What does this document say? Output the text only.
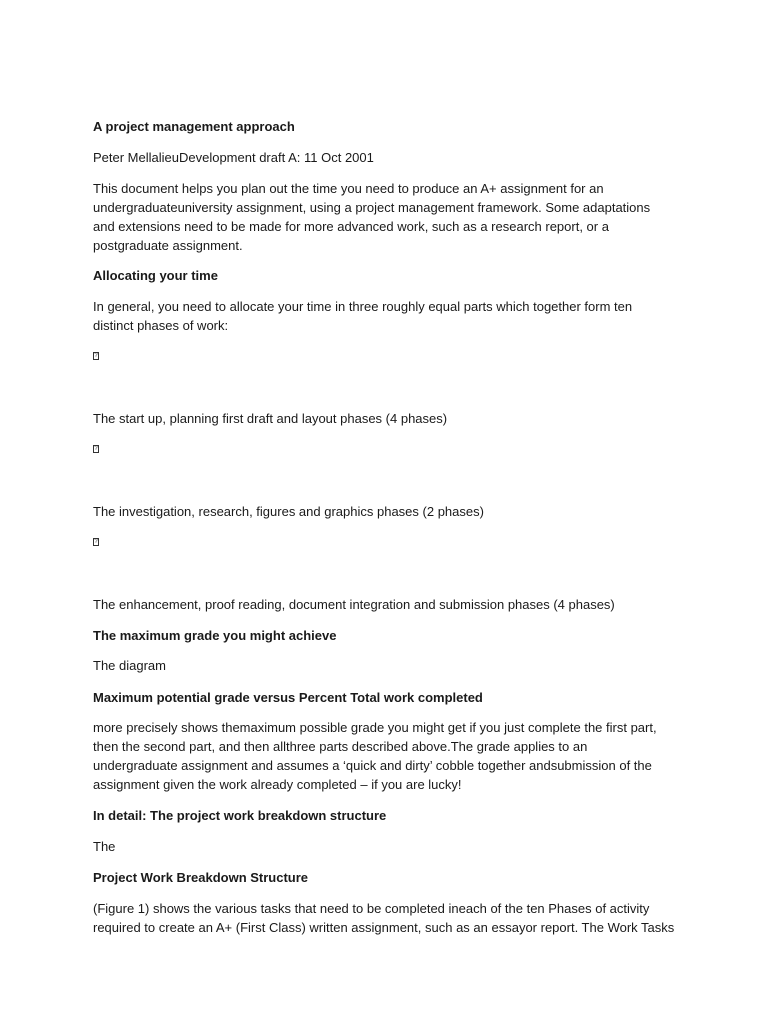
A project management approach

Peter MellalieuDevelopment draft A: 11 Oct 2001

This document helps you plan out the time you need to produce an A+ assignment for an

undergraduateuniversity assignment, using a project management framework. Some adaptations

and extensions need to be made for more advanced work, such as a research report, or a

postgraduate assignment.

Allocating your time

In general, you need to allocate your time in three roughly equal parts which together form ten

distinct phases of work:

?

The start up, planning first draft and layout phases (4 phases)

?

The investigation, research, figures and graphics phases (2 phases)

?

The enhancement, proof reading, document integration and submission phases (4 phases)

The maximum grade you might achieve

The diagram

Maximum potential grade versus Percent Total work completed

more precisely shows themaximum possible grade you might get if you just complete the first part,

then the second part, and then allthree parts described above.The grade applies to an

undergraduate assignment and assumes a ‘quick and dirty’ cobble together andsubmission of the

assignment given the work already completed – if you are lucky!

In detail: The project work breakdown structure

The

Project Work Breakdown Structure

(Figure 1) shows the various tasks that need to be completed ineach of the ten Phases of activity

required to create an A+ (First Class) written assignment, such as an essayor report. The Work Tasks
